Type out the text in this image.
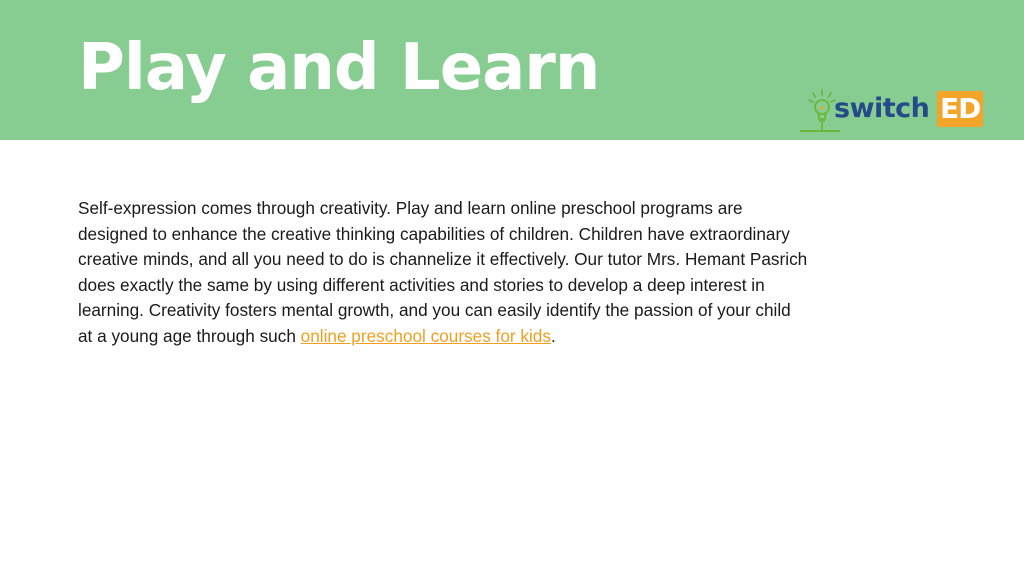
Play and Learn
switch ED
Self-expression comes through creativity. Play and learn online preschool programs are
designed to enhance the creative thinking capabilities of children. Children have extraordinary
creative minds, and all you need to do is channelize it effectively. Our tutor Mrs. Hemant Pasrich
does exactly the same by using different activities and stories to develop a deep interest in
learning. Creativity fosters mental growth, and you can easily identify the passion of your child
at a young age through such online preschool courses for kids.
